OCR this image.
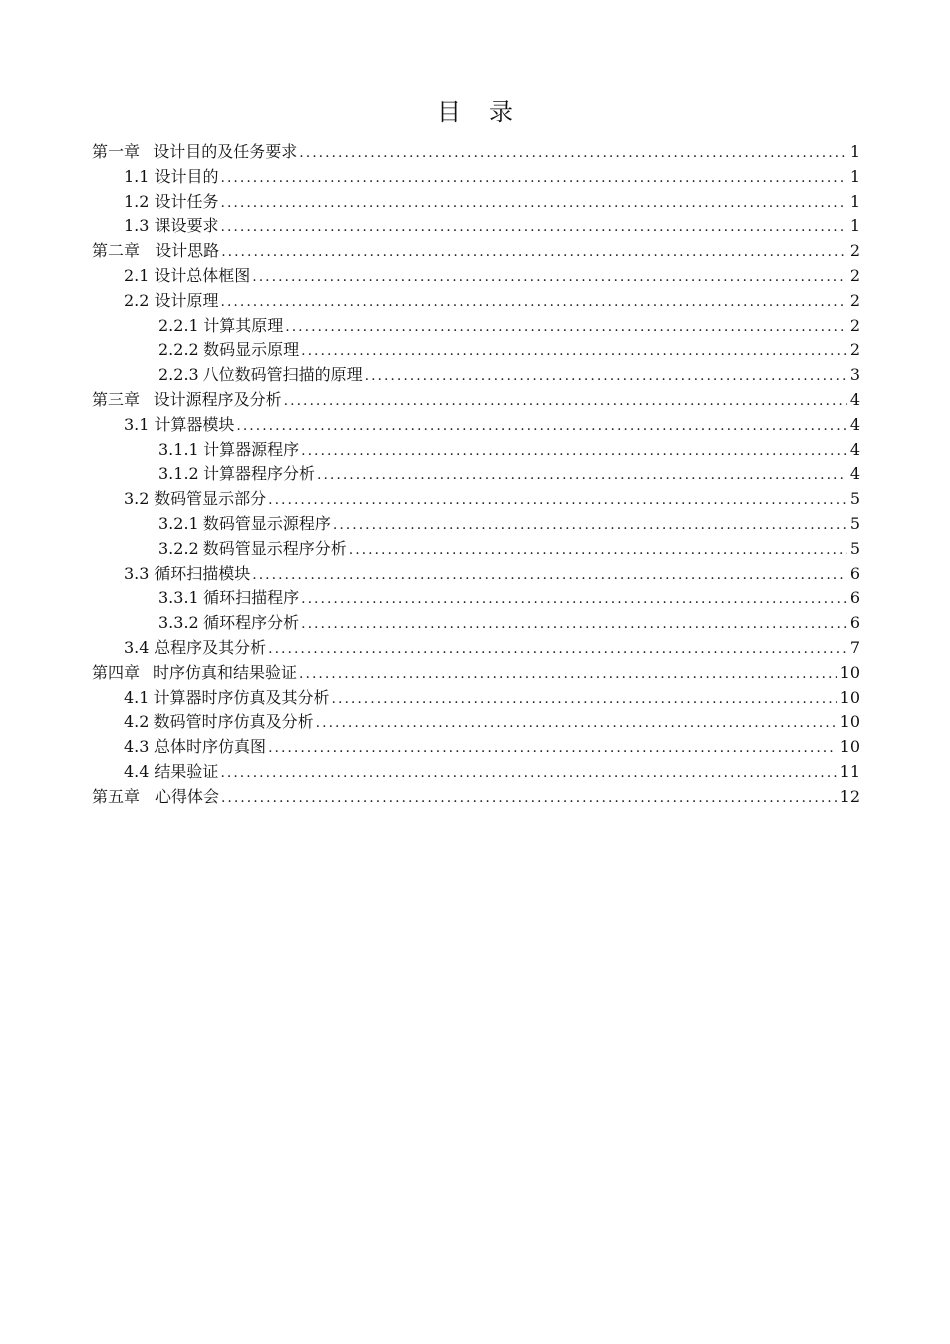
目 录
第一章 设计目的及任务要求 .....	1
1.1 设计目的 .....	1
1.2 设计任务 .....	1
1.3 课设要求 .....	1
第二章 设计思路 .....	2
2.1 设计总体框图 .....	2
2.2 设计原理 .....	2
2.2.1 计算其原理 .....	2
2.2.2 数码显示原理 .....	2
2.2.3 八位数码管扫描的原理 .....	3
第三章 设计源程序及分析 .....	4
3.1 计算器模块 .....	4
3.1.1 计算器源程序 .....	4
3.1.2 计算器程序分析 .....	4
3.2 数码管显示部分 .....	5
3.2.1 数码管显示源程序 .....	5
3.2.2 数码管显示程序分析 .....	5
3.3 循环扫描模块 .....	6
3.3.1 循环扫描程序 .....	6
3.3.2 循环程序分析 .....	6
3.4 总程序及其分析 .....	7
第四章 时序仿真和结果验证 .....	10
4.1 计算器时序仿真及其分析 .....	10
4.2 数码管时序仿真及分析 .....	10
4.3 总体时序仿真图 .....	10
4.4 结果验证 .....	11
第五章 心得体会 .....	12
